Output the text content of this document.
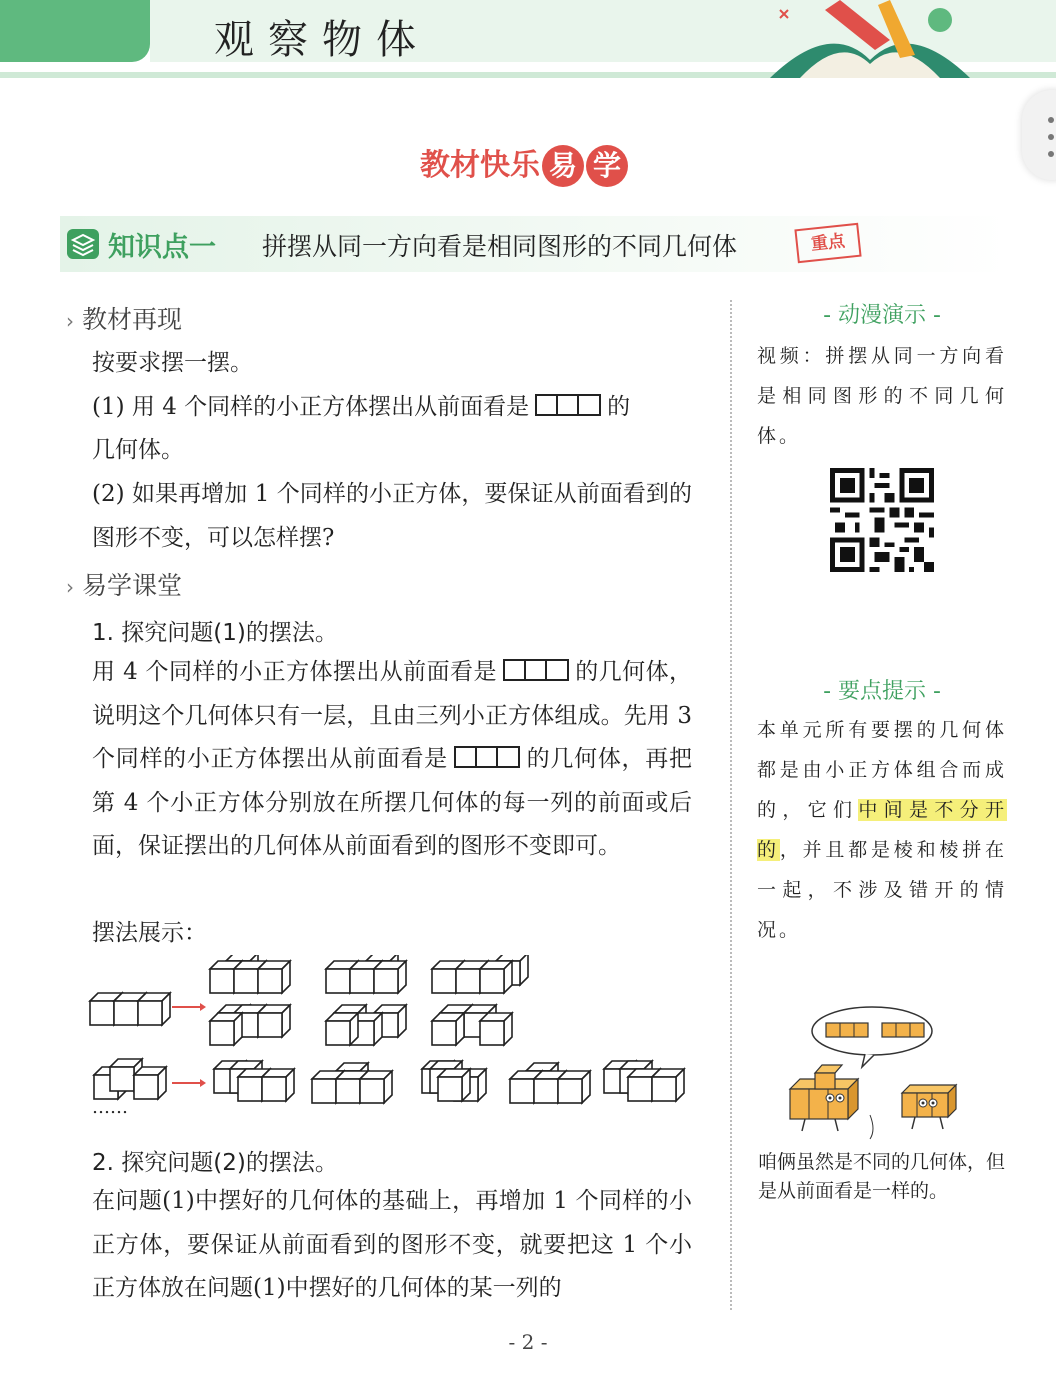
观察物体
教材快乐 易 学
知识点一 拼摆从同一方向看是相同图形的不同几何体	重点
› 教材再现
按要求摆一摆。
(1) 用 4 个同样的小正方体摆出从前面看是	的
几何体。
(2) 如果再增加 1 个同样的小正方体，要保证从前面看到的图形不变，可以怎样摆?
› 易学课堂
1. 探究问题(1)的摆法。
用 4 个同样的小正方体摆出从前面看是	的几何体，说明这个几何体只有一层，且由三列小正方体组成。先用 3 个同样的小正方体摆出从前面看是	的几何体，再把第 4 个小正方体分别放在所摆几何体的每一列的前面或后面，保证摆出的几何体从前面看到的图形不变即可。
摆法展示：
……
2. 探究问题(2)的摆法。
在问题(1)中摆好的几何体的基础上，再增加 1 个同样的小正方体，要保证从前面看到的图形不变，就要把这 1 个小正方体放在问题(1)中摆好的几何体的某一列的
- 动漫演示 -
视频：拼摆从同一方向看是相同图形的不同几何体。
- 要点提示 -
本单元所有要摆的几何体都是由小正方体组合而成的，它们中间是不分开的，并且都是棱和棱拼在一起，不涉及错开的情况。
咱俩虽然是不同的几何体，但是从前面看是一样的。
- 2 -
